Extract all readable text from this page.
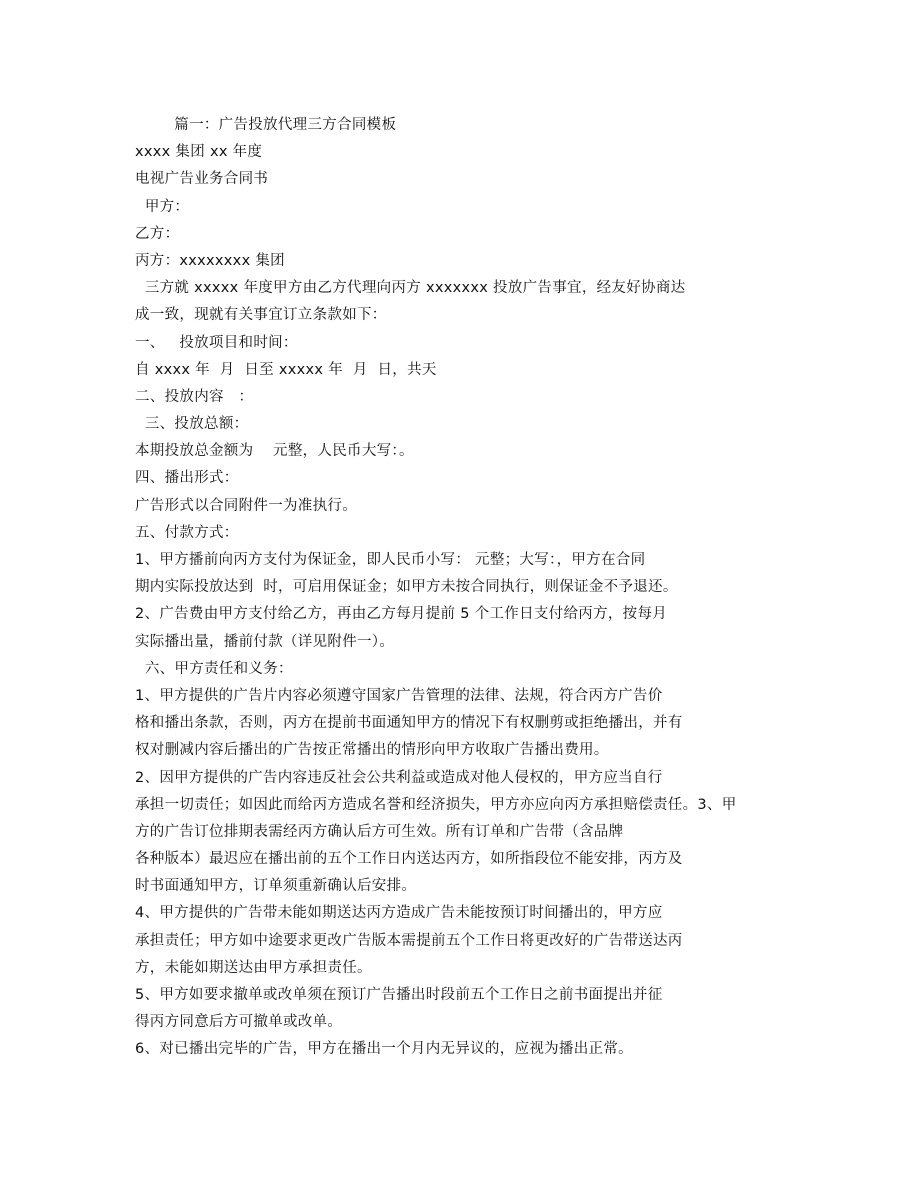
篇一：广告投放代理三方合同模板
xxxx 集团 xx 年度
电视广告业务合同书
甲方：
乙方：
丙方：xxxxxxxx 集团
三方就 xxxxx 年度甲方由乙方代理向丙方 xxxxxxx 投放广告事宜，经友好协商达
成一致，现就有关事宜订立条款如下：
一、   投放项目和时间：
自 xxxx 年  月  日至 xxxxx 年  月  日，共天
二、投放内容   ：
三、投放总额：
本期投放总金额为    元整，人民币大写：。
四、播出形式：
广告形式以合同附件一为准执行。
五、付款方式：
1、甲方播前向丙方支付为保证金，即人民币小写： 元整；大写：，甲方在合同
期内实际投放达到  时，可启用保证金；如甲方未按合同执行，则保证金不予退还。
2、广告费由甲方支付给乙方，再由乙方每月提前 5 个工作日支付给丙方，按每月
实际播出量，播前付款（详见附件一）。
六、甲方责任和义务：
1、甲方提供的广告片内容必须遵守国家广告管理的法律、法规，符合丙方广告价
格和播出条款，否则，丙方在提前书面通知甲方的情况下有权删剪或拒绝播出，并有
权对删减内容后播出的广告按正常播出的情形向甲方收取广告播出费用。
2、因甲方提供的广告内容违反社会公共利益或造成对他人侵权的，甲方应当自行
承担一切责任；如因此而给丙方造成名誉和经济损失，甲方亦应向丙方承担赔偿责任。3、甲
方的广告订位排期表需经丙方确认后方可生效。所有订单和广告带（含品牌
各种版本）最迟应在播出前的五个工作日内送达丙方，如所指段位不能安排，丙方及
时书面通知甲方，订单须重新确认后安排。
4、甲方提供的广告带未能如期送达丙方造成广告未能按预订时间播出的，甲方应
承担责任；甲方如中途要求更改广告版本需提前五个工作日将更改好的广告带送达丙
方，未能如期送达由甲方承担责任。
5、甲方如要求撤单或改单须在预订广告播出时段前五个工作日之前书面提出并征
得丙方同意后方可撤单或改单。
6、对已播出完毕的广告，甲方在播出一个月内无异议的，应视为播出正常。
